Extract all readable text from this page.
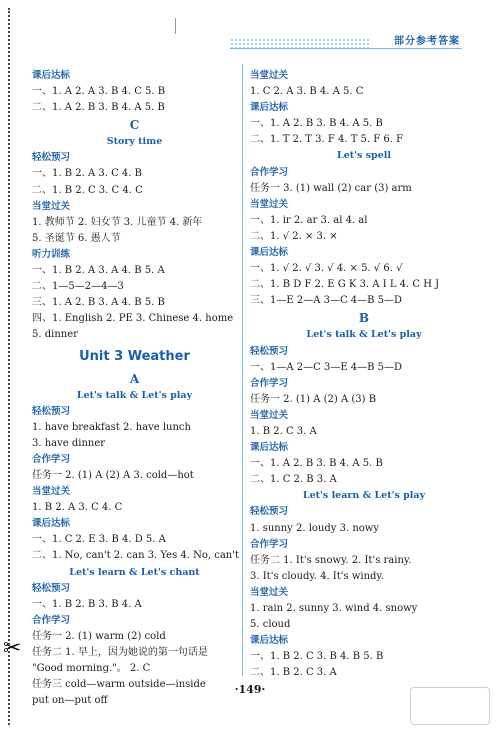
✂
部分参考答案
课后达标
一、1. A 2. A 3. B 4. C 5. B
二、1. A 2. B 3. B 4. A 5. B
C
Story time
轻松预习
一、1. B 2. A 3. C 4. B
二、1. B 2. C 3. C 4. C
当堂过关
1. 教师节 2. 妇女节 3. 儿童节 4. 新年
5. 圣诞节 6. 愚人节
听力训练
一、1. B 2. A 3. A 4. B 5. A
二、1—5—2—4—3
三、1. A 2. B 3. A 4. B 5. B
四、1. English 2. PE 3. Chinese 4. home
5. dinner
Unit 3 Weather
A
Let's talk & Let's play
轻松预习
1. have breakfast 2. have lunch
3. have dinner
合作学习
任务一 2. (1) A (2) A 3. cold—hot
当堂过关
1. B 2. A 3. C 4. C
课后达标
一、1. C 2. E 3. B 4. D 5. A
二、1. No, can't 2. can 3. Yes 4. No, can't
Let's learn & Let's chant
轻松预习
一、1. B 2. B 3. B 4. A
合作学习
任务一 2. (1) warm (2) cold
任务二 1. 早上，因为她说的第一句话是
"Good morning."。 2. C
任务三 cold—warm outside—inside
put on—put off
当堂过关
1. C 2. A 3. B 4. A 5. C
课后达标
一、1. A 2. B 3. B 4. A 5. B
二、1. T 2. T 3. F 4. T 5. F 6. F
Let's spell
合作学习
任务一 3. (1) wall (2) car (3) arm
当堂过关
一、1. ir 2. ar 3. al 4. al
二、1. √ 2. × 3. ×
课后达标
一、1. √ 2. √ 3. √ 4. × 5. √ 6. √
二、1. B D F 2. E G K 3. A I L 4. C H J
三、1—E 2—A 3—C 4—B 5—D
B
Let's talk & Let's play
轻松预习
一、1—A 2—C 3—E 4—B 5—D
合作学习
任务一 2. (1) A (2) A (3) B
当堂过关
1. B 2. C 3. A
课后达标
一、1. A 2. B 3. B 4. A 5. B
二、1. C 2. B 3. A
Let's learn & Let's play
轻松预习
1. sunny 2. loudy 3. nowy
合作学习
任务二 1. It's snowy. 2. It's rainy.
3. It's cloudy. 4. It's windy.
当堂过关
1. rain 2. sunny 3. wind 4. snowy
5. cloud
课后达标
一、1. B 2. C 3. B 4. B 5. B
二、1. B 2. C 3. A
·149·
